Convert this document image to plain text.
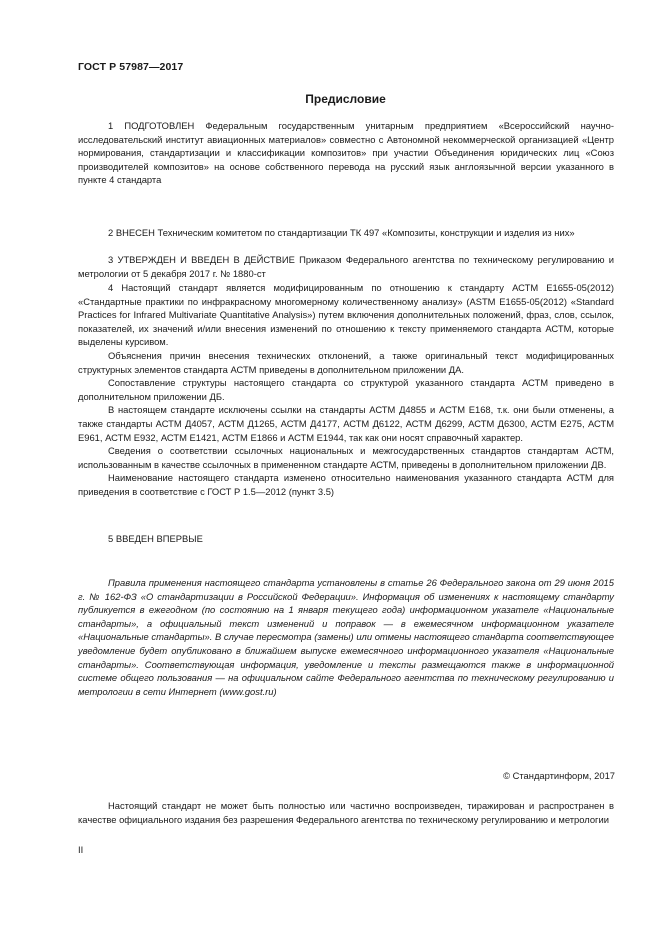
ГОСТ Р 57987—2017
Предисловие

1 ПОДГОТОВЛЕН Федеральным государственным унитарным предприятием «Всероссийский научно-исследовательский институт авиационных материалов» совместно с Автономной некоммерческой организацией «Центр нормирования, стандартизации и классификации композитов» при участии Объединения юридических лиц «Союз производителей композитов» на основе собственного перевода на русский язык англоязычной версии указанного в пункте 4 стандарта

2 ВНЕСЕН Техническим комитетом по стандартизации ТК 497 «Композиты, конструкции и изделия из них»

3 УТВЕРЖДЕН И ВВЕДЕН В ДЕЙСТВИЕ Приказом Федерального агентства по техническому регулированию и метрологии от 5 декабря 2017 г. № 1880-ст

4 Настоящий стандарт является модифицированным по отношению к стандарту АСТМ Е1655-05(2012) «Стандартные практики по инфракрасному многомерному количественному анализу» (ASTM E1655-05(2012) «Standard Practices for Infrared Multivariate Quantitative Analysis») путем включения дополнительных положений, фраз, слов, ссылок, показателей, их значений и/или внесения изменений по отношению к тексту применяемого стандарта АСТМ, которые выделены курсивом.

Объяснения причин внесения технических отклонений, а также оригинальный текст модифицированных структурных элементов стандарта АСТМ приведены в дополнительном приложении ДА.

Сопоставление структуры настоящего стандарта со структурой указанного стандарта АСТМ приведено в дополнительном приложении ДБ.

В настоящем стандарте исключены ссылки на стандарты АСТМ Д4855 и АСТМ Е168, т.к. они были отменены, а также стандарты АСТМ Д4057, АСТМ Д1265, АСТМ Д4177, АСТМ Д6122, АСТМ Д6299, АСТМ Д6300, АСТМ Е275, АСТМ Е961, АСТМ Е932, АСТМ Е1421, АСТМ Е1866 и АСТМ Е1944, так как они носят справочный характер.

Сведения о соответствии ссылочных национальных и межгосударственных стандартов стандартам АСТМ, использованным в качестве ссылочных в примененном стандарте АСТМ, приведены в дополнительном приложении ДВ.

Наименование настоящего стандарта изменено относительно наименования указанного стандарта АСТМ для приведения в соответствие с ГОСТ Р 1.5—2012 (пункт 3.5)

5 ВВЕДЕН ВПЕРВЫЕ

Правила применения настоящего стандарта установлены в статье 26 Федерального закона от 29 июня 2015 г. № 162-ФЗ «О стандартизации в Российской Федерации». Информация об изменениях к настоящему стандарту публикуется в ежегодном (по состоянию на 1 января текущего года) информационном указателе «Национальные стандарты», а официальный текст изменений и поправок — в ежемесячном информационном указателе «Национальные стандарты». В случае пересмотра (замены) или отмены настоящего стандарта соответствующее уведомление будет опубликовано в ближайшем выпуске ежемесячного информационного указателя «Национальные стандарты». Соответствующая информация, уведомление и тексты размещаются также в информационной системе общего пользования — на официальном сайте Федерального агентства по техническому регулированию и метрологии в сети Интернет (www.gost.ru)

© Стандартинформ, 2017

Настоящий стандарт не может быть полностью или частично воспроизведен, тиражирован и распространен в качестве официального издания без разрешения Федерального агентства по техническому регулированию и метрологии

II
